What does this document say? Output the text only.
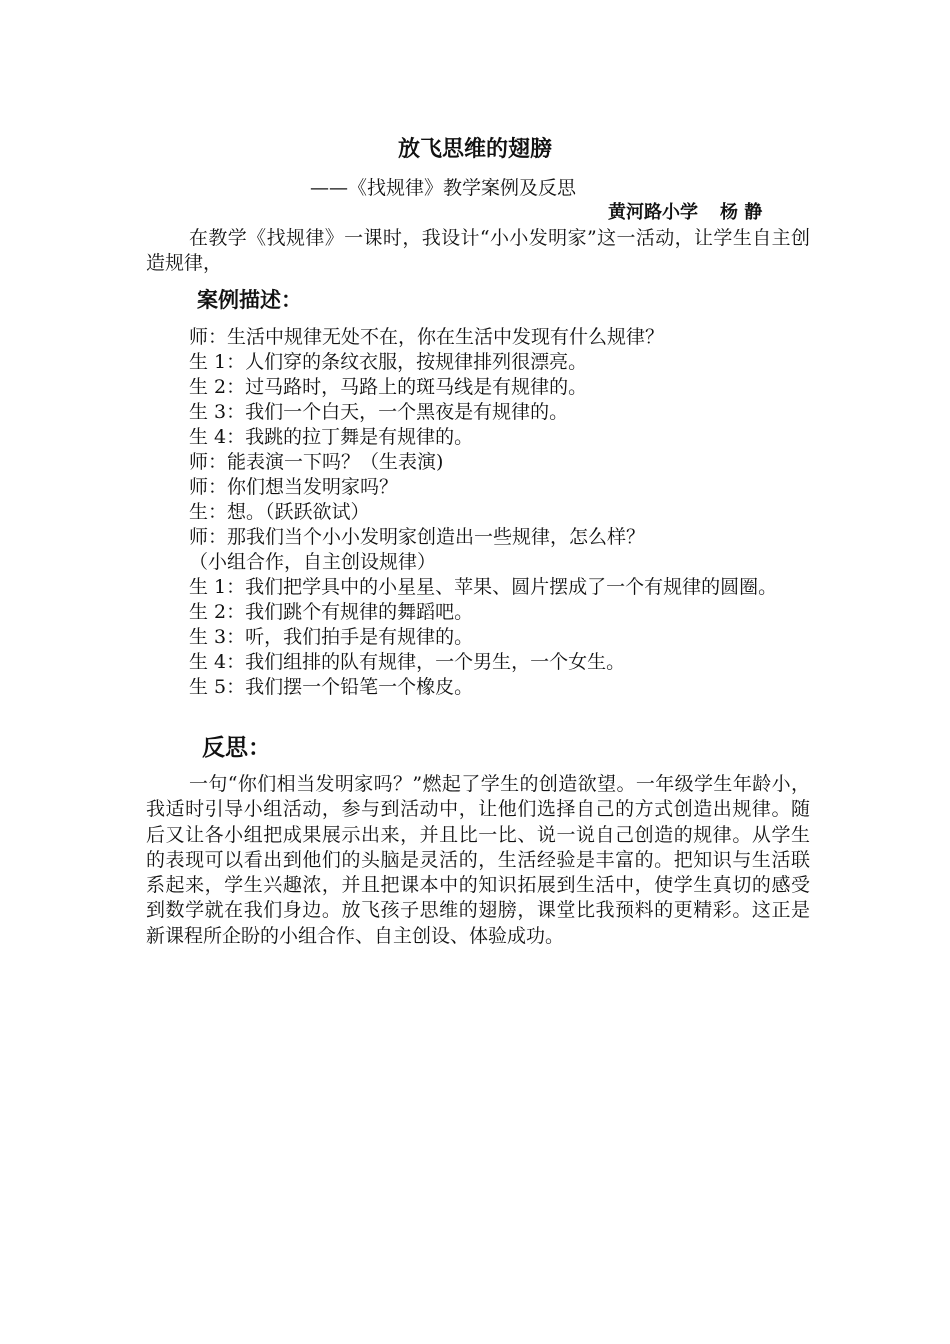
放飞思维的翅膀

——《找规律》教学案例及反思

黄河路小学 杨 静

在教学《找规律》一课时，我设计“小小发明家”这一活动，让学生自主创造规律，

案例描述：
师：生活中规律无处不在，你在生活中发现有什么规律？
生 1：人们穿的条纹衣服，按规律排列很漂亮。
生 2：过马路时，马路上的斑马线是有规律的。
生 3：我们一个白天，一个黑夜是有规律的。
生 4：我跳的拉丁舞是有规律的。
师：能表演一下吗？（生表演)
师：你们想当发明家吗？
生：想。（跃跃欲试）
师：那我们当个小小发明家创造出一些规律，怎么样？
（小组合作，自主创设规律）
生 1：我们把学具中的小星星、苹果、圆片摆成了一个有规律的圆圈。
生 2：我们跳个有规律的舞蹈吧。
生 3：听，我们拍手是有规律的。
生 4：我们组排的队有规律，一个男生，一个女生。
生 5：我们摆一个铅笔一个橡皮。
反思：

一句“你们相当发明家吗？”燃起了学生的创造欲望。一年级学生年龄小，我适时引导小组活动，参与到活动中，让他们选择自己的方式创造出规律。随后又让各小组把成果展示出来，并且比一比、说一说自己创造的规律。从学生的表现可以看出到他们的头脑是灵活的，生活经验是丰富的。把知识与生活联系起来，学生兴趣浓，并且把课本中的知识拓展到生活中，使学生真切的感受到数学就在我们身边。放飞孩子思维的翅膀，课堂比我预料的更精彩。这正是新课程所企盼的小组合作、自主创设、体验成功。
